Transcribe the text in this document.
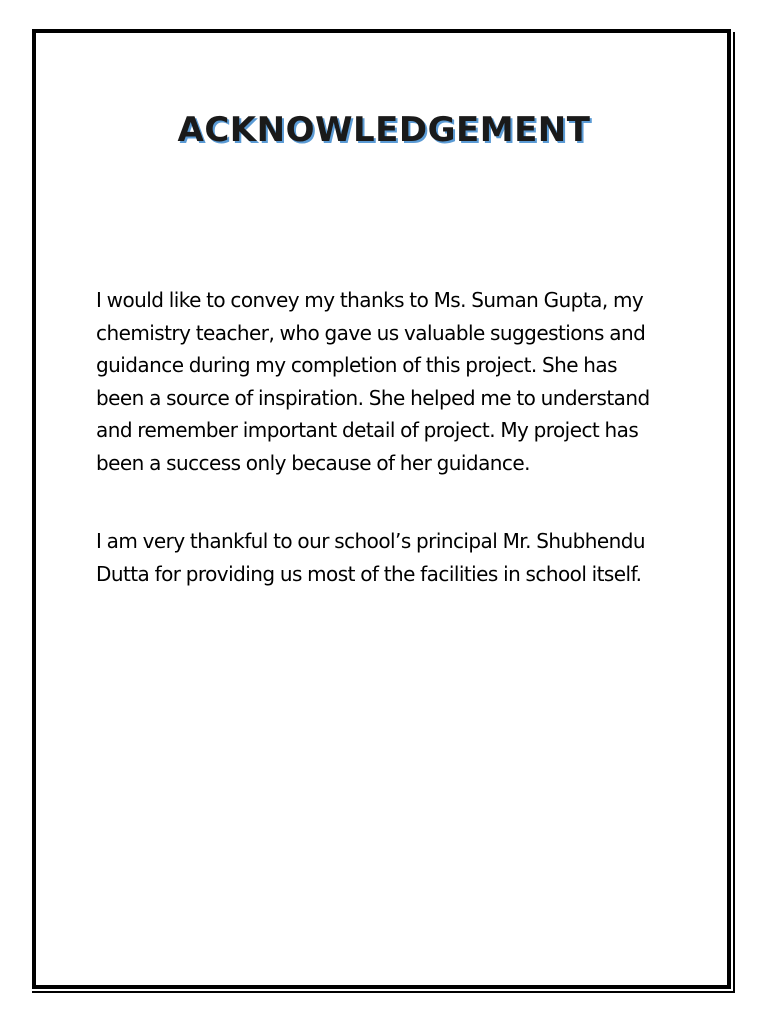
ACKNOWLEDGEMENT
I would like to convey my thanks to Ms. Suman Gupta, my
chemistry teacher, who gave us valuable suggestions and
guidance during my completion of this project. She has
been a source of inspiration. She helped me to understand
and remember important detail of project. My project has
been a success only because of her guidance.
I am very thankful to our school’s principal Mr. Shubhendu
Dutta for providing us most of the facilities in school itself.
